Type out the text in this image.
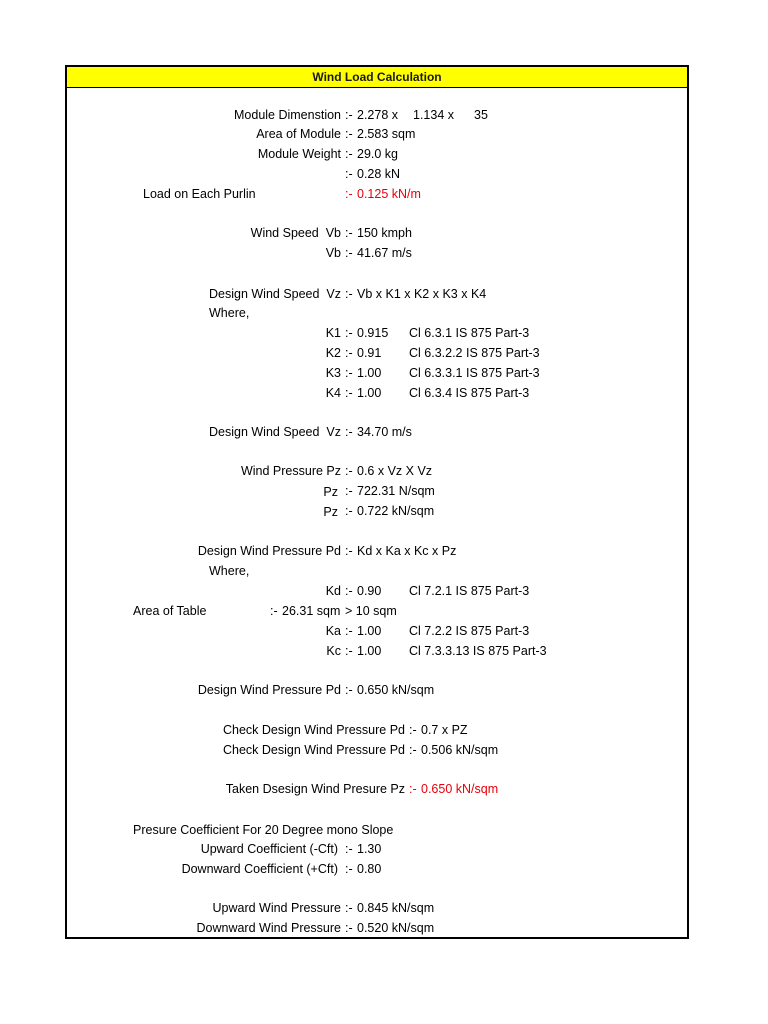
Wind Load Calculation
Module Dimenstion :- 2.278 x 1.134 x 35
Area of Module :- 2.583 sqm
Module Weight :- 29.0 kg
:- 0.28 kN
Load on Each Purlin	:- 0.125 kN/m
Wind Speed  Vb :- 150 kmph
Vb :- 41.67 m/s
Design Wind Speed  Vz :- Vb x K1 x K2 x K3 x K4
Where,
K1 :- 0.915 Cl 6.3.1 IS 875 Part-3
K2 :- 0.91 Cl 6.3.2.2 IS 875 Part-3
K3 :- 1.00 Cl 6.3.3.1 IS 875 Part-3
K4 :- 1.00 Cl 6.3.4 IS 875 Part-3
Design Wind Speed  Vz :- 34.70 m/s
Wind Pressure Pz :- 0.6 x Vz X Vz
Pz :- 722.31 N/sqm
Pz :- 0.722 kN/sqm
Design Wind Pressure Pd :- Kd x Ka x Kc x Pz
Where,
Kd :- 0.90 Cl 7.2.1 IS 875 Part-3
Area of Table	:- 26.31 sqm > 10 sqm
Ka :- 1.00 Cl 7.2.2 IS 875 Part-3
Kc :- 1.00 Cl 7.3.3.13 IS 875 Part-3
Design Wind Pressure Pd :- 0.650 kN/sqm
Check Design Wind Pressure Pd :- 0.7 x PZ
Check Design Wind Pressure Pd :- 0.506 kN/sqm
Taken Dsesign Wind Presure Pz :- 0.650 kN/sqm
Presure Coefficient For 20 Degree mono Slope
Upward Coefficient (-Cft) :- 1.30
Downward Coefficient (+Cft) :- 0.80
Upward Wind Pressure :- 0.845 kN/sqm
Downward Wind Pressure :- 0.520 kN/sqm
